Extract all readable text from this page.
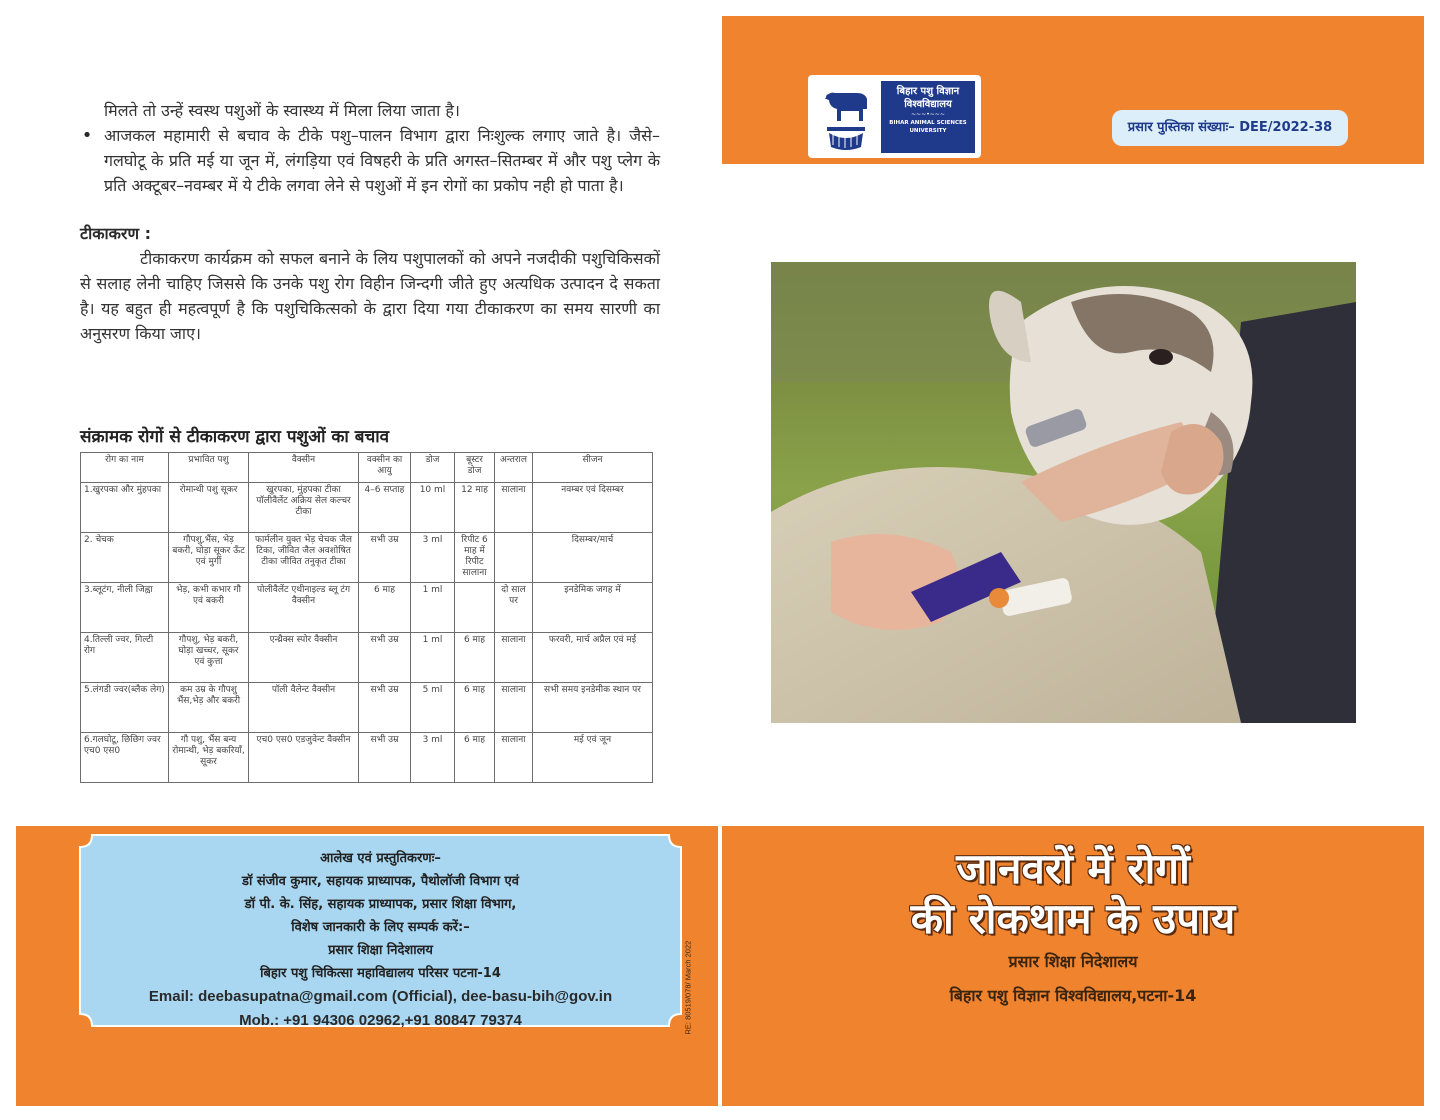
मिलते तो उन्हें स्वस्थ पशुओं के स्वास्थ्य में मिला लिया जाता है।

• आजकल महामारी से बचाव के टीके पशु–पालन विभाग द्वारा निःशुल्क लगाए जाते है। जैसे–गलघोटू के प्रति मई या जून में, लंगड़िया एवं विषहरी के प्रति अगस्त–सितम्बर में और पशु प्लेग के प्रति अक्टूबर–नवम्बर में ये टीके लगवा लेने से पशुओं में इन रोगों का प्रकोप नही हो पाता है।

टीकाकरण :

टीकाकरण कार्यक्रम को सफल बनाने के लिय पशुपालकों को अपने नजदीकी पशुचिकिसकों से सलाह लेनी चाहिए जिससे कि उनके पशु रोग विहीन जिन्दगी जीते हुए अत्यधिक उत्पादन दे सकता है। यह बहुत ही महत्वपूर्ण है कि पशुचिकित्सको के द्वारा दिया गया टीकाकरण का समय सारणी का अनुसरण किया जाए।

संक्रामक रोगों से टीकाकरण द्वारा पशुओं का बचाव
रोग का नाम	प्रभावित पशु	वैक्सीन	वक्सीन का आयु	डोज	बूस्टर डोज	अन्तराल	सीजन
1.खुरपका और मुंहपका	रोमान्थी पशु सूकर	खुरपका, मुंहपका टीका पॉलीवैलेंट अक्रिय सेल कल्चर टीका	4–6 सप्ताह	10 ml	12 माह	सालाना	नवम्बर एवं दिसम्बर
2. चेचक	गौपशु,भैंस, भेड़ बकरी, घोड़ा सूकर ऊँट एवं मुर्गी	फार्मलीन युक्त भेड़ चेचक जैल टिका, जीवित जैल अवशोषित टीका जीवित तनुकृत टीका	सभी उम्र	3 ml	रिपीट 6 माह में रिपीट सालाना		दिसम्बर/मार्च
3.ब्लूटंग, नीली जिह्वा	भेड़, कभी कभार गौ एवं बकरी	पोलीवैलेंट एथीनाइल्ड ब्लू टंग वैक्सीन	6 माह	1 ml		दो साल पर	इनडेमिक जगह में
4.तिल्ली ज्वर, गिल्टी रोग	गौपशु, भेड़ बकरी, घोड़ा खच्चर, सूकर एवं कुत्ता	एन्थ्रैक्स स्पोर वैक्सीन	सभी उम्र	1 ml	6 माह	सालाना	फरवरी, मार्च अप्रैल एवं मई
5.लंगडी ज्वर(ब्लैक लेग)	कम उम्र के गौपशु भैंस,भेड़ और बकरी	पॉली वैलेन्ट वैक्सीन	सभी उम्र	5 ml	6 माह	सालाना	सभी समय इनडेमीक स्थान पर
6.गलघोटू, छिछिग ज्वर एच0 एस0	गौ पशु, भैंस बन्य रोमान्थी, भेड़ बकरियाँ, सूकर	एच0 एस0 एडजुवेन्ट वैक्सीन	सभी उम्र	3 ml	6 माह	सालाना	मई एवं जून
बिहार पशु विज्ञान विश्वविद्यालय
~~~•~~~
BIHAR ANIMAL SCIENCES UNIVERSITY	प्रसार पुस्तिका संख्याः– DEE/2022-38
आलेख एवं प्रस्तुतिकरणः–
डॉ संजीव कुमार, सहायक प्राध्यापक, पैथोलॉजी विभाग एवं
डॉ पी. के. सिंह, सहायक प्राध्यापक, प्रसार शिक्षा विभाग,
विशेष जानकारी के लिए सम्पर्क करें:–
प्रसार शिक्षा निदेशालय
बिहार पशु चिकित्सा महाविद्यालय परिसर पटना-14
Email: deebasupatna@gmail.com (Official), dee-basu-bih@gov.in
Mob.: +91 94306 02962,+91 80847 79374	RE: 80519/078/ March 2022
जानवरों में रोगों
की रोकथाम के उपाय
प्रसार शिक्षा निदेशालय
बिहार पशु विज्ञान विश्वविद्यालय,पटना-14
